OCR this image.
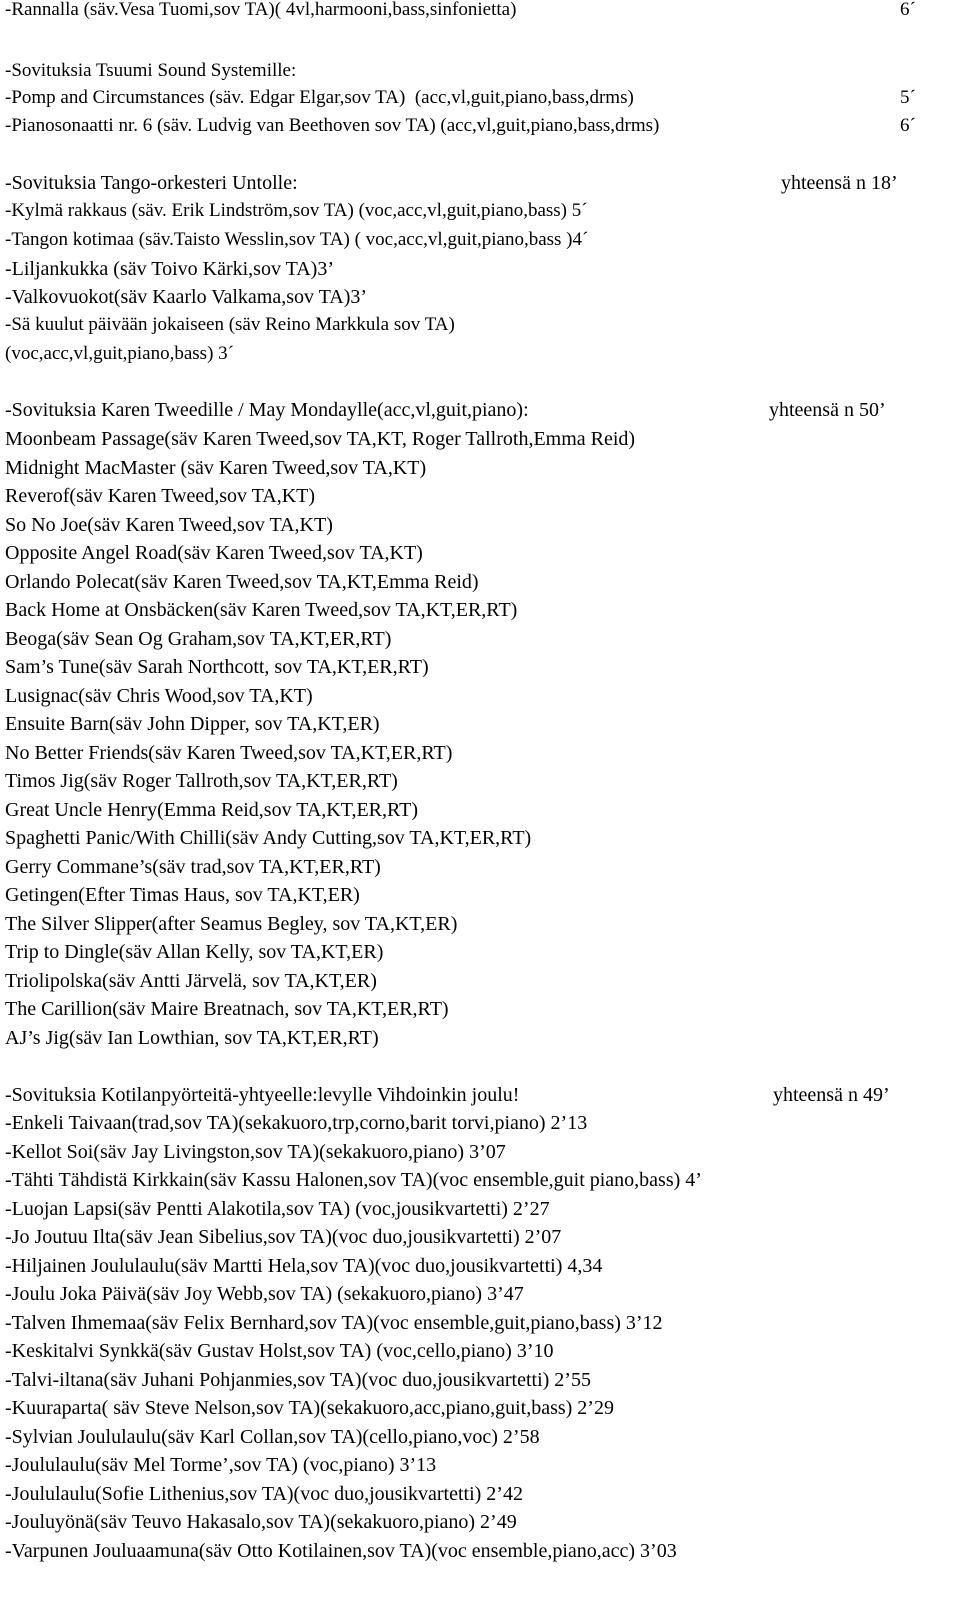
-Rannalla (säv.Vesa Tuomi,sov TA)( 4vl,harmooni,bass,sinfonietta)	6´
-Sovituksia Tsuumi Sound Systemille:
-Pomp and Circumstances (säv. Edgar Elgar,sov TA)  (acc,vl,guit,piano,bass,drms)	5´
-Pianosonaatti nr. 6 (säv. Ludvig van Beethoven sov TA) (acc,vl,guit,piano,bass,drms)	6´
-Sovituksia Tango-orkesteri Untolle:	yhteensä n 18’
-Kylmä rakkaus (säv. Erik Lindström,sov TA) (voc,acc,vl,guit,piano,bass) 5´
-Tangon kotimaa (säv.Taisto Wesslin,sov TA) ( voc,acc,vl,guit,piano,bass )4´
-Liljankukka (säv Toivo Kärki,sov TA)3’
-Valkovuokot(säv Kaarlo Valkama,sov TA)3’
-Sä kuulut päivään jokaiseen (säv Reino Markkula sov TA)
(voc,acc,vl,guit,piano,bass) 3´
-Sovituksia Karen Tweedille / May Mondaylle(acc,vl,guit,piano):	yhteensä n 50’
Moonbeam Passage(säv Karen Tweed,sov TA,KT, Roger Tallroth,Emma Reid)
Midnight MacMaster (säv Karen Tweed,sov TA,KT)
Reverof(säv Karen Tweed,sov TA,KT)
So No Joe(säv Karen Tweed,sov TA,KT)
Opposite Angel Road(säv Karen Tweed,sov TA,KT)
Orlando Polecat(säv Karen Tweed,sov TA,KT,Emma Reid)
Back Home at Onsbäcken(säv Karen Tweed,sov TA,KT,ER,RT)
Beoga(säv Sean Og Graham,sov TA,KT,ER,RT)
Sam’s Tune(säv Sarah Northcott, sov TA,KT,ER,RT)
Lusignac(säv Chris Wood,sov TA,KT)
Ensuite Barn(säv John Dipper, sov TA,KT,ER)
No Better Friends(säv Karen Tweed,sov TA,KT,ER,RT)
Timos Jig(säv Roger Tallroth,sov TA,KT,ER,RT)
Great Uncle Henry(Emma Reid,sov TA,KT,ER,RT)
Spaghetti Panic/With Chilli(säv Andy Cutting,sov TA,KT,ER,RT)
Gerry Commane’s(säv trad,sov TA,KT,ER,RT)
Getingen(Efter Timas Haus, sov TA,KT,ER)
The Silver Slipper(after Seamus Begley, sov TA,KT,ER)
Trip to Dingle(säv Allan Kelly, sov TA,KT,ER)
Triolipolska(säv Antti Järvelä, sov TA,KT,ER)
The Carillion(säv Maire Breatnach, sov TA,KT,ER,RT)
AJ’s Jig(säv Ian Lowthian, sov TA,KT,ER,RT)
-Sovituksia Kotilanpyörteitä-yhtyeelle:levylle Vihdoinkin joulu!	yhteensä n 49’
-Enkeli Taivaan(trad,sov TA)(sekakuoro,trp,corno,barit torvi,piano) 2’13
-Kellot Soi(säv Jay Livingston,sov TA)(sekakuoro,piano) 3’07
-Tähti Tähdistä Kirkkain(säv Kassu Halonen,sov TA)(voc ensemble,guit piano,bass) 4’
-Luojan Lapsi(säv Pentti Alakotila,sov TA) (voc,jousikvartetti) 2’27
-Jo Joutuu Ilta(säv Jean Sibelius,sov TA)(voc duo,jousikvartetti) 2’07
-Hiljainen Joululaulu(säv Martti Hela,sov TA)(voc duo,jousikvartetti) 4,34
-Joulu Joka Päivä(säv Joy Webb,sov TA) (sekakuoro,piano) 3’47
-Talven Ihmemaa(säv Felix Bernhard,sov TA)(voc ensemble,guit,piano,bass) 3’12
-Keskitalvi Synkkä(säv Gustav Holst,sov TA) (voc,cello,piano) 3’10
-Talvi-iltana(säv Juhani Pohjanmies,sov TA)(voc duo,jousikvartetti) 2’55
-Kuuraparta( säv Steve Nelson,sov TA)(sekakuoro,acc,piano,guit,bass) 2’29
-Sylvian Joululaulu(säv Karl Collan,sov TA)(cello,piano,voc) 2’58
-Joululaulu(säv Mel Torme’,sov TA) (voc,piano) 3’13
-Joululaulu(Sofie Lithenius,sov TA)(voc duo,jousikvartetti) 2’42
-Jouluyönä(säv Teuvo Hakasalo,sov TA)(sekakuoro,piano) 2’49
-Varpunen Jouluaamuna(säv Otto Kotilainen,sov TA)(voc ensemble,piano,acc) 3’03
